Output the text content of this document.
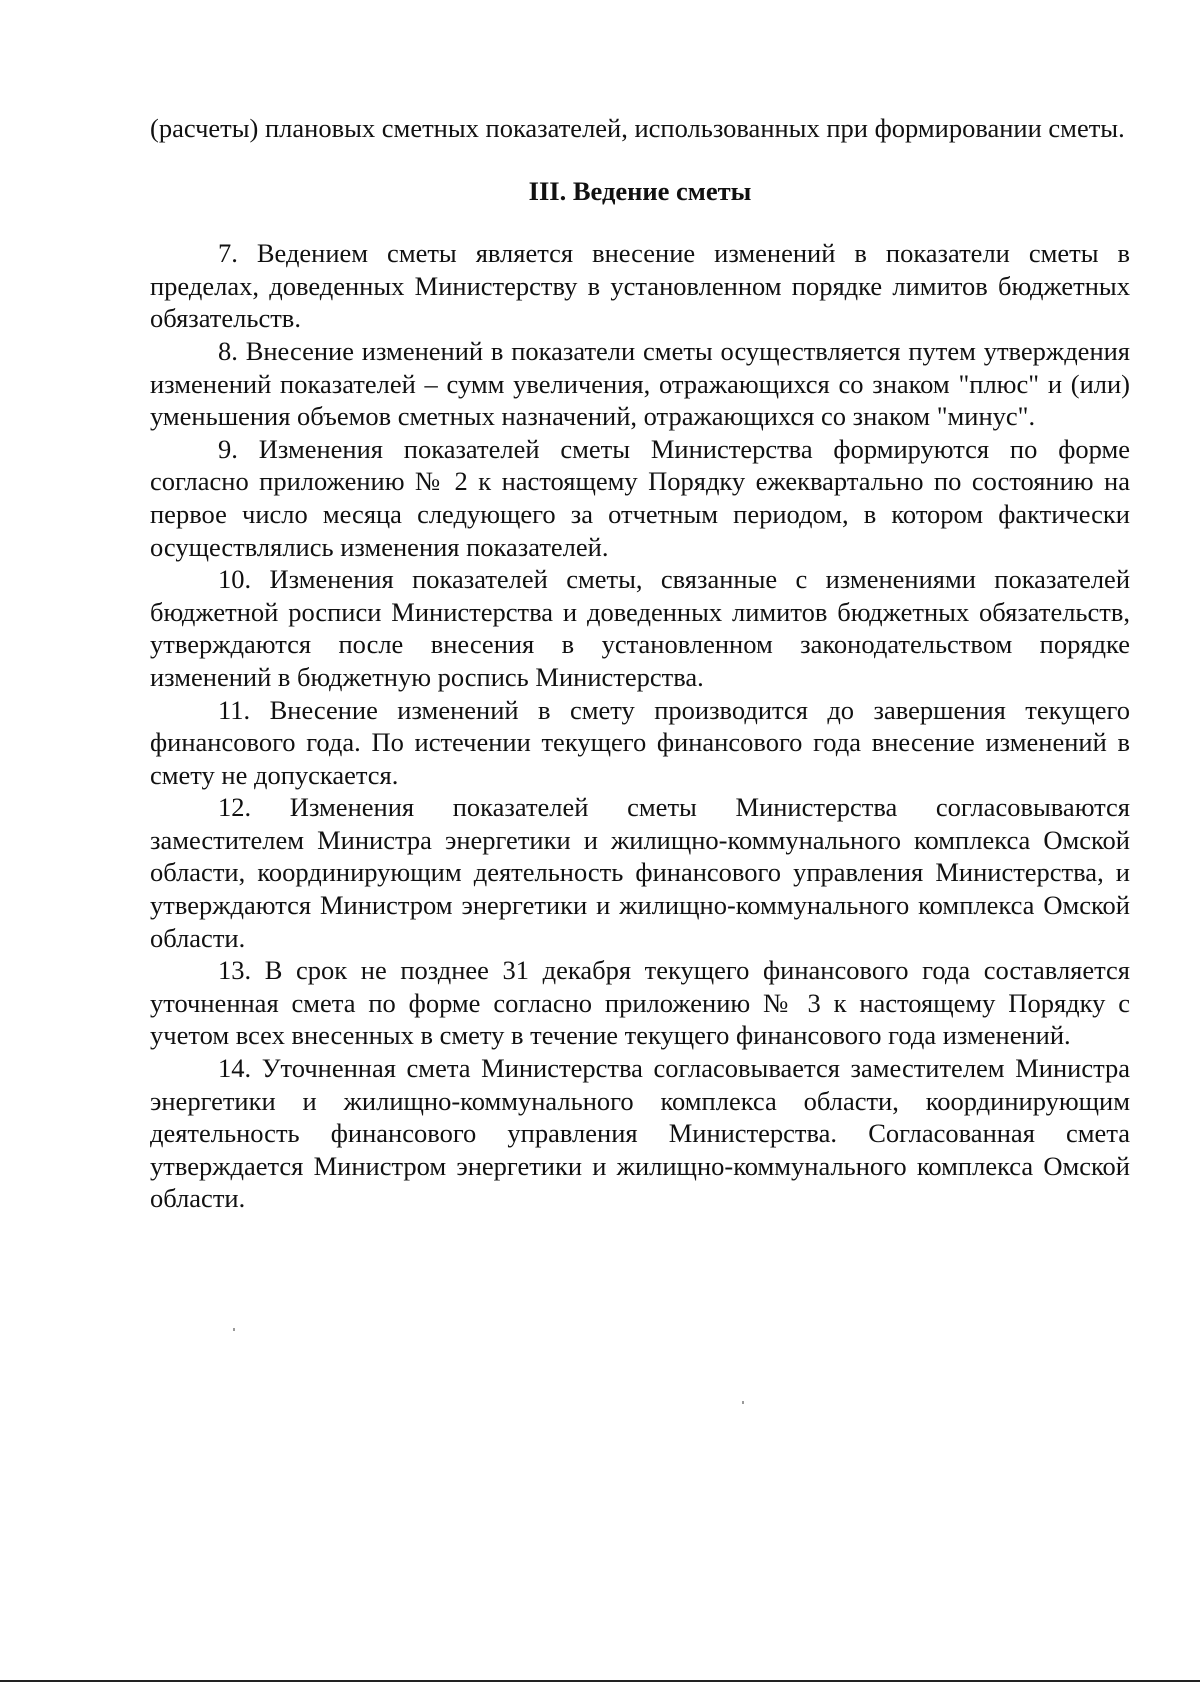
(расчеты) плановых сметных показателей, использованных при формировании сметы.

III. Ведение сметы

7. Ведением сметы является внесение изменений в показатели сметы в пределах, доведенных Министерству в установленном порядке лимитов бюджетных обязательств.

8. Внесение изменений в показатели сметы осуществляется путем утверждения изменений показателей – сумм увеличения, отражающихся со знаком "плюс" и (или) уменьшения объемов сметных назначений, отражающихся со знаком "минус".

9. Изменения показателей сметы Министерства формируются по форме согласно приложению № 2 к настоящему Порядку ежеквартально по состоянию на первое число месяца следующего за отчетным периодом, в котором фактически осуществлялись изменения показателей.

10. Изменения показателей сметы, связанные с изменениями показателей бюджетной росписи Министерства и доведенных лимитов бюджетных обязательств, утверждаются после внесения в установленном законодательством порядке изменений в бюджетную роспись Министерства.

11. Внесение изменений в смету производится до завершения текущего финансового года. По истечении текущего финансового года внесение изменений в смету не допускается.

12. Изменения показателей сметы Министерства согласовываются заместителем Министра энергетики и жилищно-коммунального комплекса Омской области, координирующим деятельность финансового управления Министерства, и утверждаются Министром энергетики и жилищно-коммунального комплекса Омской области.

13. В срок не позднее 31 декабря текущего финансового года составляется уточненная смета по форме согласно приложению № 3 к настоящему Порядку с учетом всех внесенных в смету в течение текущего финансового года изменений.

14. Уточненная смета Министерства согласовывается заместителем Министра энергетики и жилищно-коммунального комплекса области, координирующим деятельность финансового управления Министерства. Согласованная смета утверждается Министром энергетики и жилищно-коммунального комплекса Омской области.
